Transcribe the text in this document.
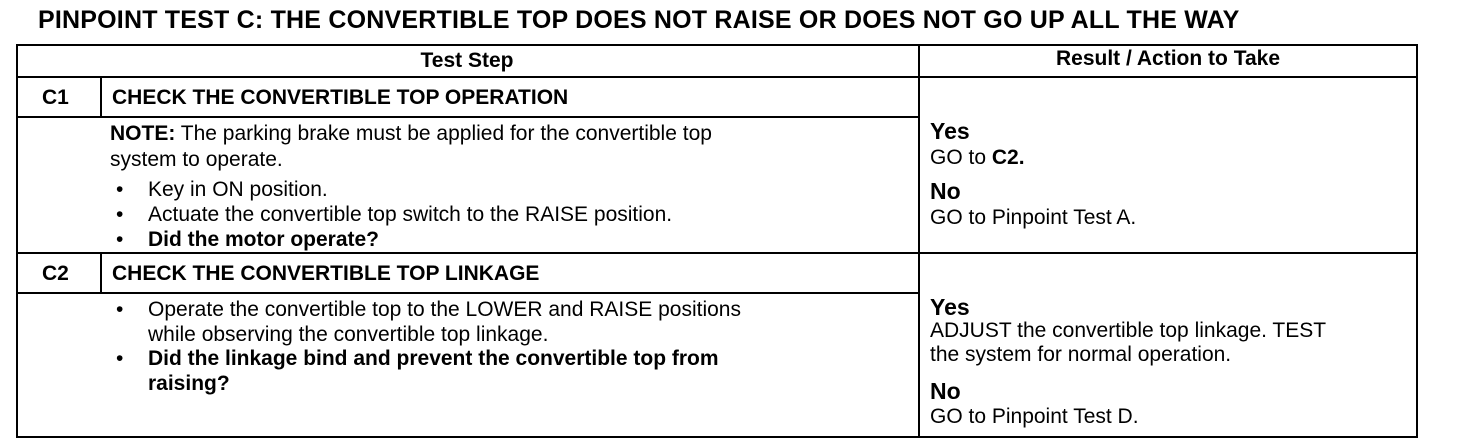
PINPOINT TEST C: THE CONVERTIBLE TOP DOES NOT RAISE OR DOES NOT GO UP ALL THE WAY
Test Step	Result / Action to Take
C1 CHECK THE CONVERTIBLE TOP OPERATION
NOTE: The parking brake must be applied for the convertible top
system to operate.
• Key in ON position.
• Actuate the convertible top switch to the RAISE position.
• Did the motor operate?
Yes
GO to C2.
No
GO to Pinpoint Test A.
C2 CHECK THE CONVERTIBLE TOP LINKAGE
• Operate the convertible top to the LOWER and RAISE positions
while observing the convertible top linkage.
• Did the linkage bind and prevent the convertible top from
raising?
Yes
ADJUST the convertible top linkage. TEST
the system for normal operation.
No
GO to Pinpoint Test D.
